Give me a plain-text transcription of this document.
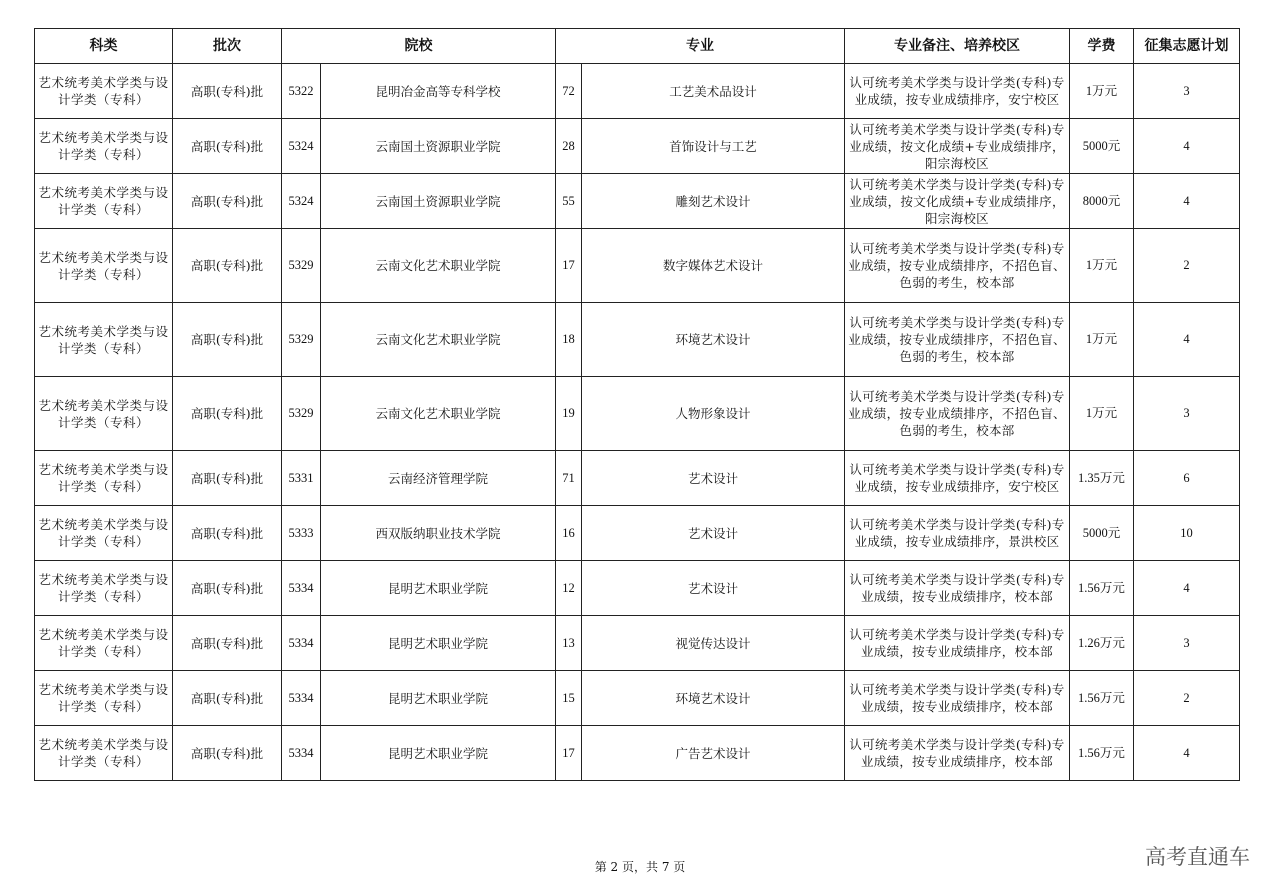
科类	批次	院校		专业		专业备注、培养校区	学费	征集志愿计划
艺术统考美术学类与设计学类（专科）	高职(专科)批	5322	昆明冶金高等专科学校	72	工艺美术品设计	认可统考美术学类与设计学类(专科)专业成绩，按专业成绩排序，安宁校区	1万元	3
艺术统考美术学类与设计学类（专科）	高职(专科)批	5324	云南国土资源职业学院	28	首饰设计与工艺	认可统考美术学类与设计学类(专科)专业成绩，按文化成绩+专业成绩排序，阳宗海校区	5000元	4
艺术统考美术学类与设计学类（专科）	高职(专科)批	5324	云南国土资源职业学院	55	雕刻艺术设计	认可统考美术学类与设计学类(专科)专业成绩，按文化成绩+专业成绩排序，阳宗海校区	8000元	4
艺术统考美术学类与设计学类（专科）	高职(专科)批	5329	云南文化艺术职业学院	17	数字媒体艺术设计	认可统考美术学类与设计学类(专科)专业成绩，按专业成绩排序，不招色盲、色弱的考生，校本部	1万元	2
艺术统考美术学类与设计学类（专科）	高职(专科)批	5329	云南文化艺术职业学院	18	环境艺术设计	认可统考美术学类与设计学类(专科)专业成绩，按专业成绩排序，不招色盲、色弱的考生，校本部	1万元	4
艺术统考美术学类与设计学类（专科）	高职(专科)批	5329	云南文化艺术职业学院	19	人物形象设计	认可统考美术学类与设计学类(专科)专业成绩，按专业成绩排序，不招色盲、色弱的考生，校本部	1万元	3
艺术统考美术学类与设计学类（专科）	高职(专科)批	5331	云南经济管理学院	71	艺术设计	认可统考美术学类与设计学类(专科)专业成绩，按专业成绩排序，安宁校区	1.35万元	6
艺术统考美术学类与设计学类（专科）	高职(专科)批	5333	西双版纳职业技术学院	16	艺术设计	认可统考美术学类与设计学类(专科)专业成绩，按专业成绩排序，景洪校区	5000元	10
艺术统考美术学类与设计学类（专科）	高职(专科)批	5334	昆明艺术职业学院	12	艺术设计	认可统考美术学类与设计学类(专科)专业成绩，按专业成绩排序，校本部	1.56万元	4
艺术统考美术学类与设计学类（专科）	高职(专科)批	5334	昆明艺术职业学院	13	视觉传达设计	认可统考美术学类与设计学类(专科)专业成绩，按专业成绩排序，校本部	1.26万元	3
艺术统考美术学类与设计学类（专科）	高职(专科)批	5334	昆明艺术职业学院	15	环境艺术设计	认可统考美术学类与设计学类(专科)专业成绩，按专业成绩排序，校本部	1.56万元	2
艺术统考美术学类与设计学类（专科）	高职(专科)批	5334	昆明艺术职业学院	17	广告艺术设计	认可统考美术学类与设计学类(专科)专业成绩，按专业成绩排序，校本部	1.56万元	4
第 2 页，共 7 页	高考直通车
